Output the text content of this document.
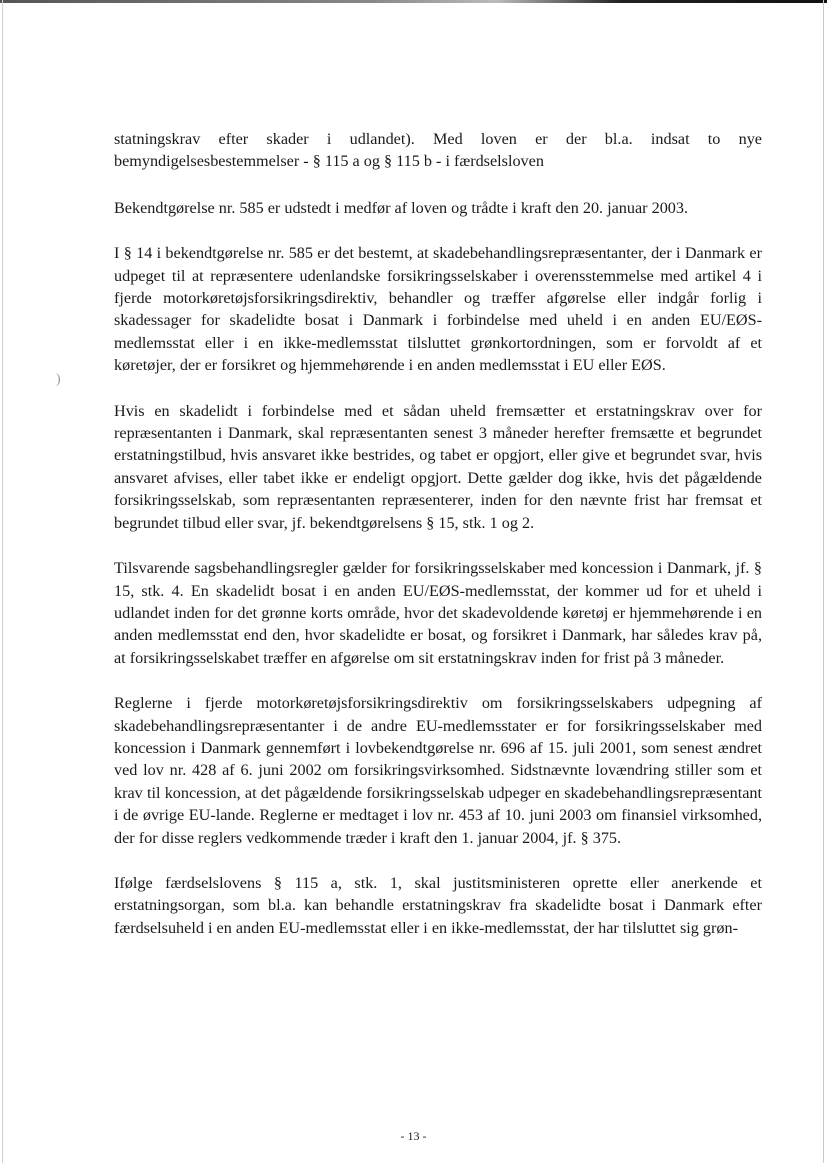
)

statningskrav efter skader i udlandet). Med loven er der bl.a. indsat to nye bemyndigelsesbestemmelser - § 115 a og § 115 b - i færdselsloven

Bekendtgørelse nr. 585 er udstedt i medfør af loven og trådte i kraft den 20. januar 2003.

I § 14 i bekendtgørelse nr. 585 er det bestemt, at skadebehandlingsrepræsentanter, der i Danmark er udpeget til at repræsentere udenlandske forsikringsselskaber i overensstemmelse med artikel 4 i fjerde motorkøretøjsforsikringsdirektiv, behandler og træffer afgørelse eller indgår forlig i skadessager for skadelidte bosat i Danmark i forbindelse med uheld i en anden EU/EØS-medlemsstat eller i en ikke-medlemsstat tilsluttet grønkortordningen, som er forvoldt af et køretøjer, der er forsikret og hjemmehørende i en anden medlemsstat i EU eller EØS.

Hvis en skadelidt i forbindelse med et sådan uheld fremsætter et erstatningskrav over for repræsentanten i Danmark, skal repræsentanten senest 3 måneder herefter fremsætte et begrundet erstatningstilbud, hvis ansvaret ikke bestrides, og tabet er opgjort, eller give et begrundet svar, hvis ansvaret afvises, eller tabet ikke er endeligt opgjort. Dette gælder dog ikke, hvis det pågældende forsikringsselskab, som repræsentanten repræsenterer, inden for den nævnte frist har fremsat et begrundet tilbud eller svar, jf. bekendtgørelsens § 15, stk. 1 og 2.

Tilsvarende sagsbehandlingsregler gælder for forsikringsselskaber med koncession i Danmark, jf. § 15, stk. 4. En skadelidt bosat i en anden EU/EØS-medlemsstat, der kommer ud for et uheld i udlandet inden for det grønne korts område, hvor det skadevoldende køretøj er hjemmehørende i en anden medlemsstat end den, hvor skadelidte er bosat, og forsikret i Danmark, har således krav på, at forsikringsselskabet træffer en afgørelse om sit erstatningskrav inden for frist på 3 måneder.

Reglerne i fjerde motorkøretøjsforsikringsdirektiv om forsikringsselskabers udpegning af skadebehandlingsrepræsentanter i de andre EU-medlemsstater er for forsikringsselskaber med koncession i Danmark gennemført i lovbekendtgørelse nr. 696 af 15. juli 2001, som senest ændret ved lov nr. 428 af 6. juni 2002 om forsikringsvirksomhed. Sidstnævnte lovændring stiller som et krav til koncession, at det pågældende forsikringsselskab udpeger en skadebehandlingsrepræsentant i de øvrige EU-lande. Reglerne er medtaget i lov nr. 453 af 10. juni 2003 om finansiel virksomhed, der for disse reglers vedkommende træder i kraft den 1. januar 2004, jf. § 375.

Ifølge færdselslovens § 115 a, stk. 1, skal justitsministeren oprette eller anerkende et erstatningsorgan, som bl.a. kan behandle erstatningskrav fra skadelidte bosat i Danmark efter færdselsuheld i en anden EU-medlemsstat eller i en ikke-medlemsstat, der har tilsluttet sig grøn-

- 13 -
